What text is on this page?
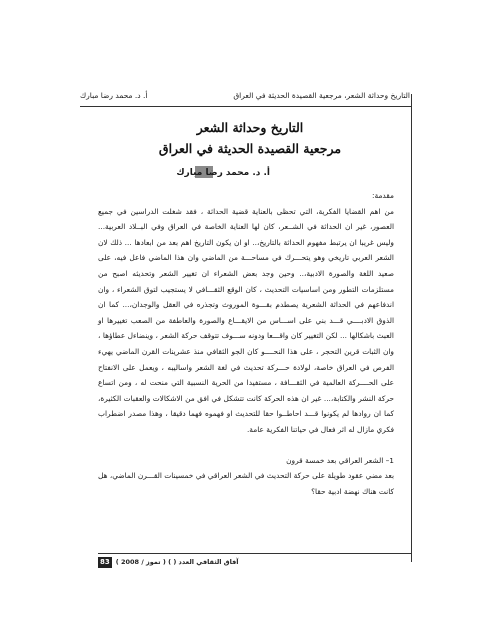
التاريخ وحداثة الشعر، مرجعية القصيدة الحديثة في العراق
أ. د. محمد رضا مبارك
التاريخ وحداثة الشعر
مرجعية القصيدة الحديثة في العراق
أ. د. محمد رضا مبارك

مقدمة:

من اهم القضايا الفكرية، التي تحظى بالعناية قضية الحداثة ، فقد شغلت الدراسين في جميع العصور، غير ان الحداثة في الشــعر، كان لها العناية الخاصة في العراق وفي البــلاد العربية... وليس غريبا ان يرتبط مفهوم الحداثة بالتاريخ،.. او ان يكون التاريخ اهم بعد من ابعادها ... ذلك لان الشعر العربي تاريخي وهو يتحـــرك في مساحـــة من الماضي وان هذا الماضي فاعل فيه، على صعيد اللغة والصورة الادبية،.. وحين وجد بعض الشعراء ان تغيير الشعر وتحديثه اصبح من مستلزمات التطور ومن اساسيات التحديث ، كان الوقع الثقـــافي لا يستجيب لتوق الشعراء ، وان اندفاعهم في الحداثة الشعرية يصطدم بقـــوة الموروث وتجذره في العقل والوجدان،... كما ان الذوق الادبــــي قـــد بني على اســـاس من الايقـــاع والصورة والعاطفة من الصعب تغييرها او العبث باشكالها ... لكن التغيير كان واقـــعا ودونه ســـوف تتوقف حركة الشعر ، وينضاءل عطاؤها ، وان الثبات قرين التحجر ، على هذا النحــــو كان الجو الثقافي منذ عشرينات القرن الماضي يهيء الفرص في العراق خاصة، لولادة حـــركة تحديث في لغة الشعر واساليبه ، ويعمل على الانفتاح على الحــــركة العالمية في الثقـــافة ، مستفيدا من الحرية النسبية التي منحت له ، ومن اتساع حركة النشر والكتابة،... غير ان هذه الحركة كانت تتشكل في افق من الاشكالات والعقبات الكثيرة، كما ان روادها لم يكونوا قـــد احاطــوا حقا للتحديث او فهموه فهما دقيقا ، وهذا مصدر اضطراب فكري مازال له اثر فعال في حياتنا الفكرية عامة.

1– الشعر العراقي بعد خمسة قرون

بعد مضي عقود طويلة على حركة التحديث في الشعر العراقي في خمسينات القـــرن الماضي، هل كانت هناك نهضة ادبية حقا؟

83 آفاق الثقافي العدد ( ) ( تموز / 2008 )
